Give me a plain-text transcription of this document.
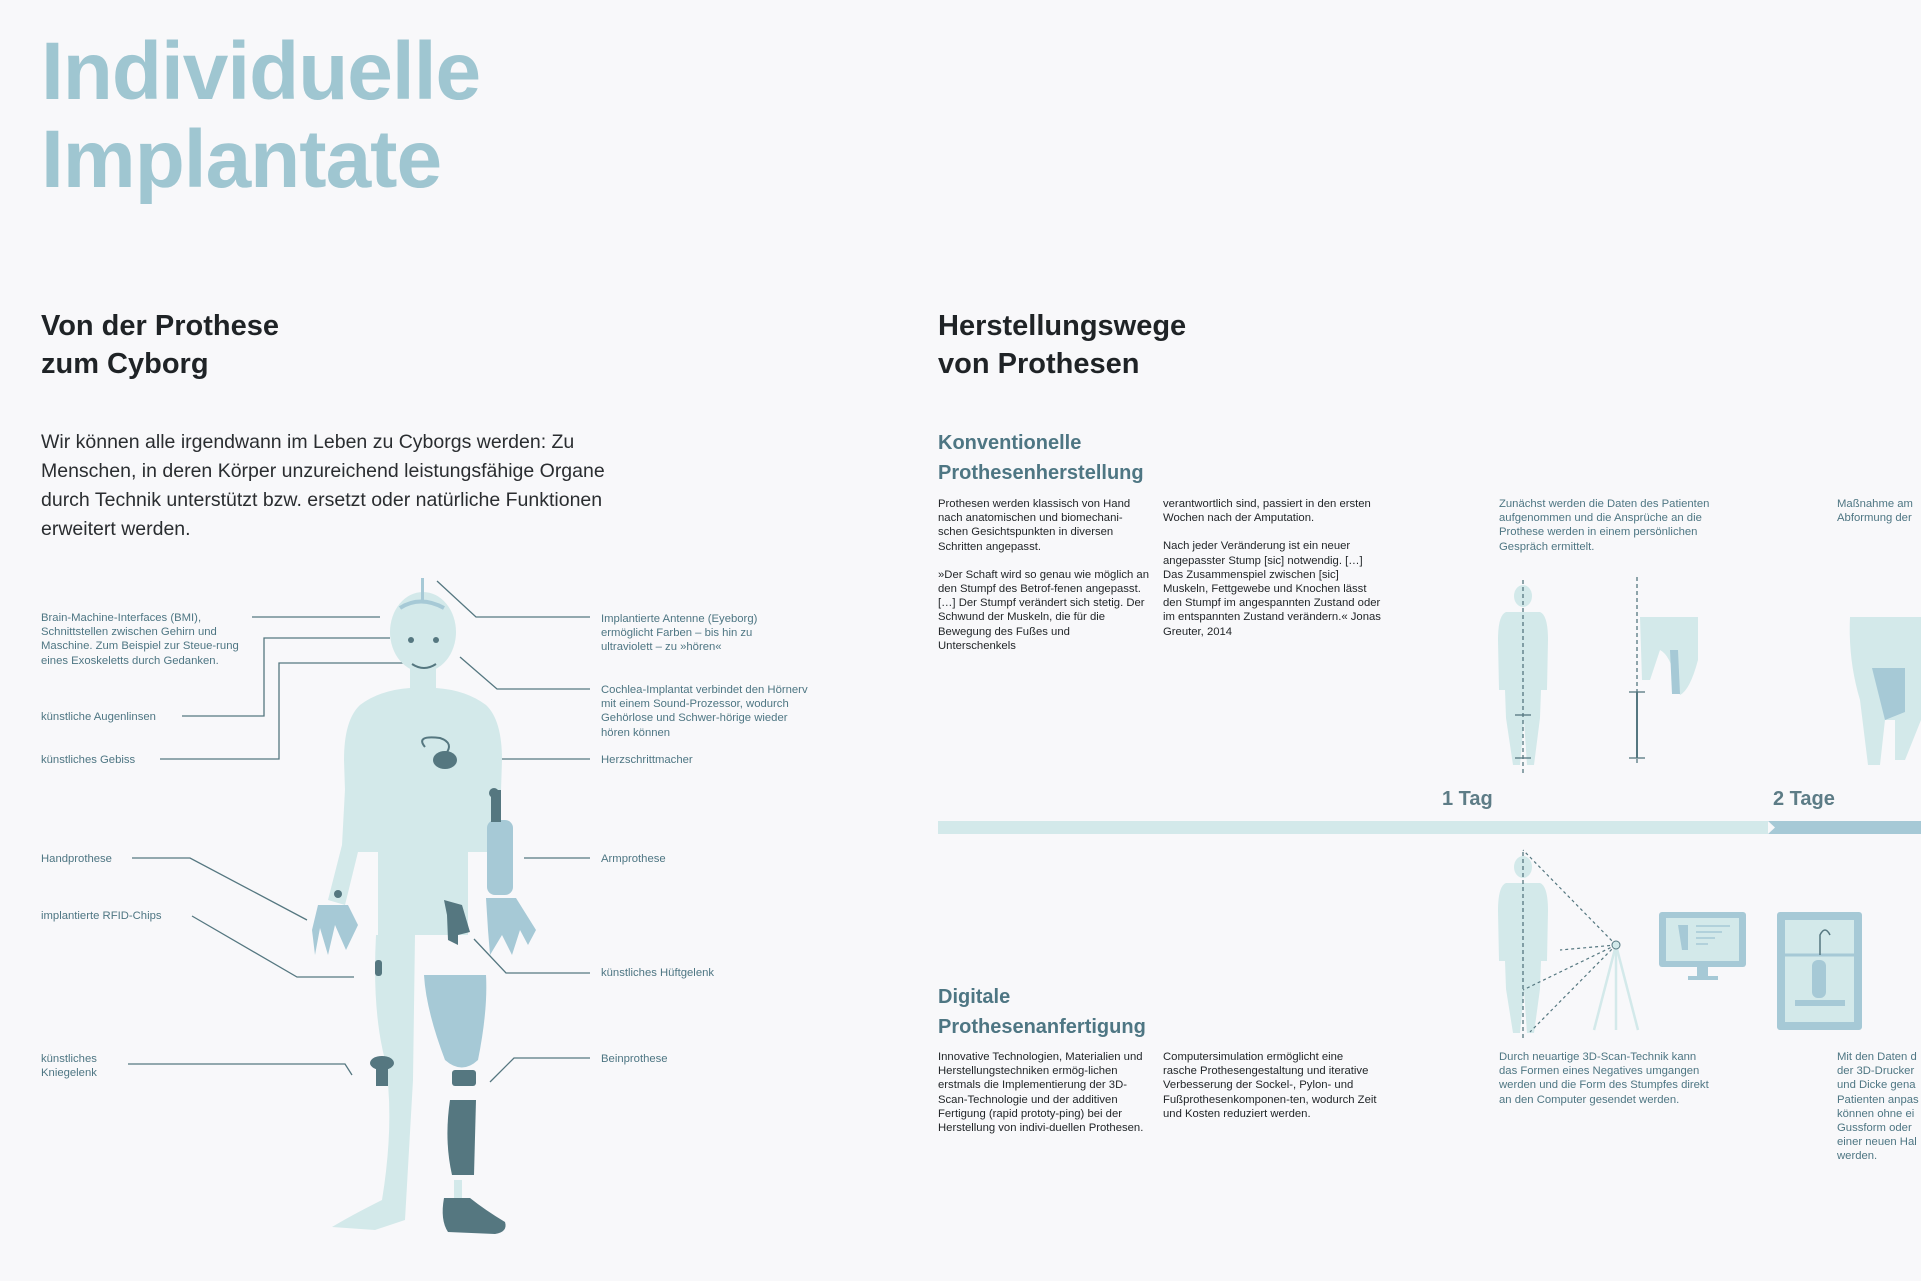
Individuelle
Implantate
Von der Prothese
zum Cyborg
Wir können alle irgendwann im Leben zu Cyborgs werden: Zu Menschen, in deren Körper unzureichend leistungsfähige Organe durch Technik unterstützt bzw. ersetzt oder natürliche Funktionen erweitert werden.
Brain-Machine-Interfaces (BMI), Schnittstellen zwischen Gehirn und Maschine. Zum Beispiel zur Steue-rung eines Exoskeletts durch Gedanken.
künstliche Augenlinsen
künstliches Gebiss
Handprothese
implantierte RFID-Chips
künstliches Kniegelenk
Implantierte Antenne (Eyeborg) ermöglicht Farben – bis hin zu ultraviolett – zu »hören«
Cochlea-Implantat verbindet den Hörnerv mit einem Sound-Prozessor, wodurch Gehörlose und Schwer-hörige wieder hören können
Herzschrittmacher
Armprothese
künstliches Hüftgelenk
Beinprothese
Herstellungswege
von Prothesen
Konventionelle
Prothesenherstellung
Prothesen werden klassisch von Hand nach anatomischen und biomechani-schen Gesichtspunkten in diversen Schritten angepasst.
»Der Schaft wird so genau wie möglich an den Stumpf des Betrof-fenen angepasst. […] Der Stumpf verändert sich stetig. Der Schwund der Muskeln, die für die Bewegung des Fußes und Unterschenkels
verantwortlich sind, passiert in den ersten Wochen nach der Amputation.
Nach jeder Veränderung ist ein neuer angepasster Stump [sic] notwendig. […] Das Zusammenspiel zwischen [sic] Muskeln, Fettgewebe und Knochen lässt den Stumpf im angespannten Zustand oder im entspannten Zustand verändern.« Jonas Greuter, 2014
Zunächst werden die Daten des Patienten aufgenommen und die Ansprüche an die Prothese werden in einem persönlichen Gespräch ermittelt.
Maßnahme am Abformung der
1 Tag	2 Tage
Digitale
Prothesenanfertigung
Innovative Technologien, Materialien und Herstellungstechniken ermög-lichen erstmals die Implementierung der 3D-Scan-Technologie und der additiven Fertigung (rapid prototy-ping) bei der Herstellung von indivi-duellen Prothesen.
Computersimulation ermöglicht eine rasche Prothesengestaltung und iterative Verbesserung der Sockel-, Pylon- und Fußprothesenkomponen-ten, wodurch Zeit und Kosten reduziert werden.
Durch neuartige 3D-Scan-Technik kann das Formen eines Negatives umgangen werden und die Form des Stumpfes direkt an den Computer gesendet werden.
Mit den Daten d der 3D-Drucker und Dicke gena Patienten anpas können ohne ei Gussform oder einer neuen Hal werden.
